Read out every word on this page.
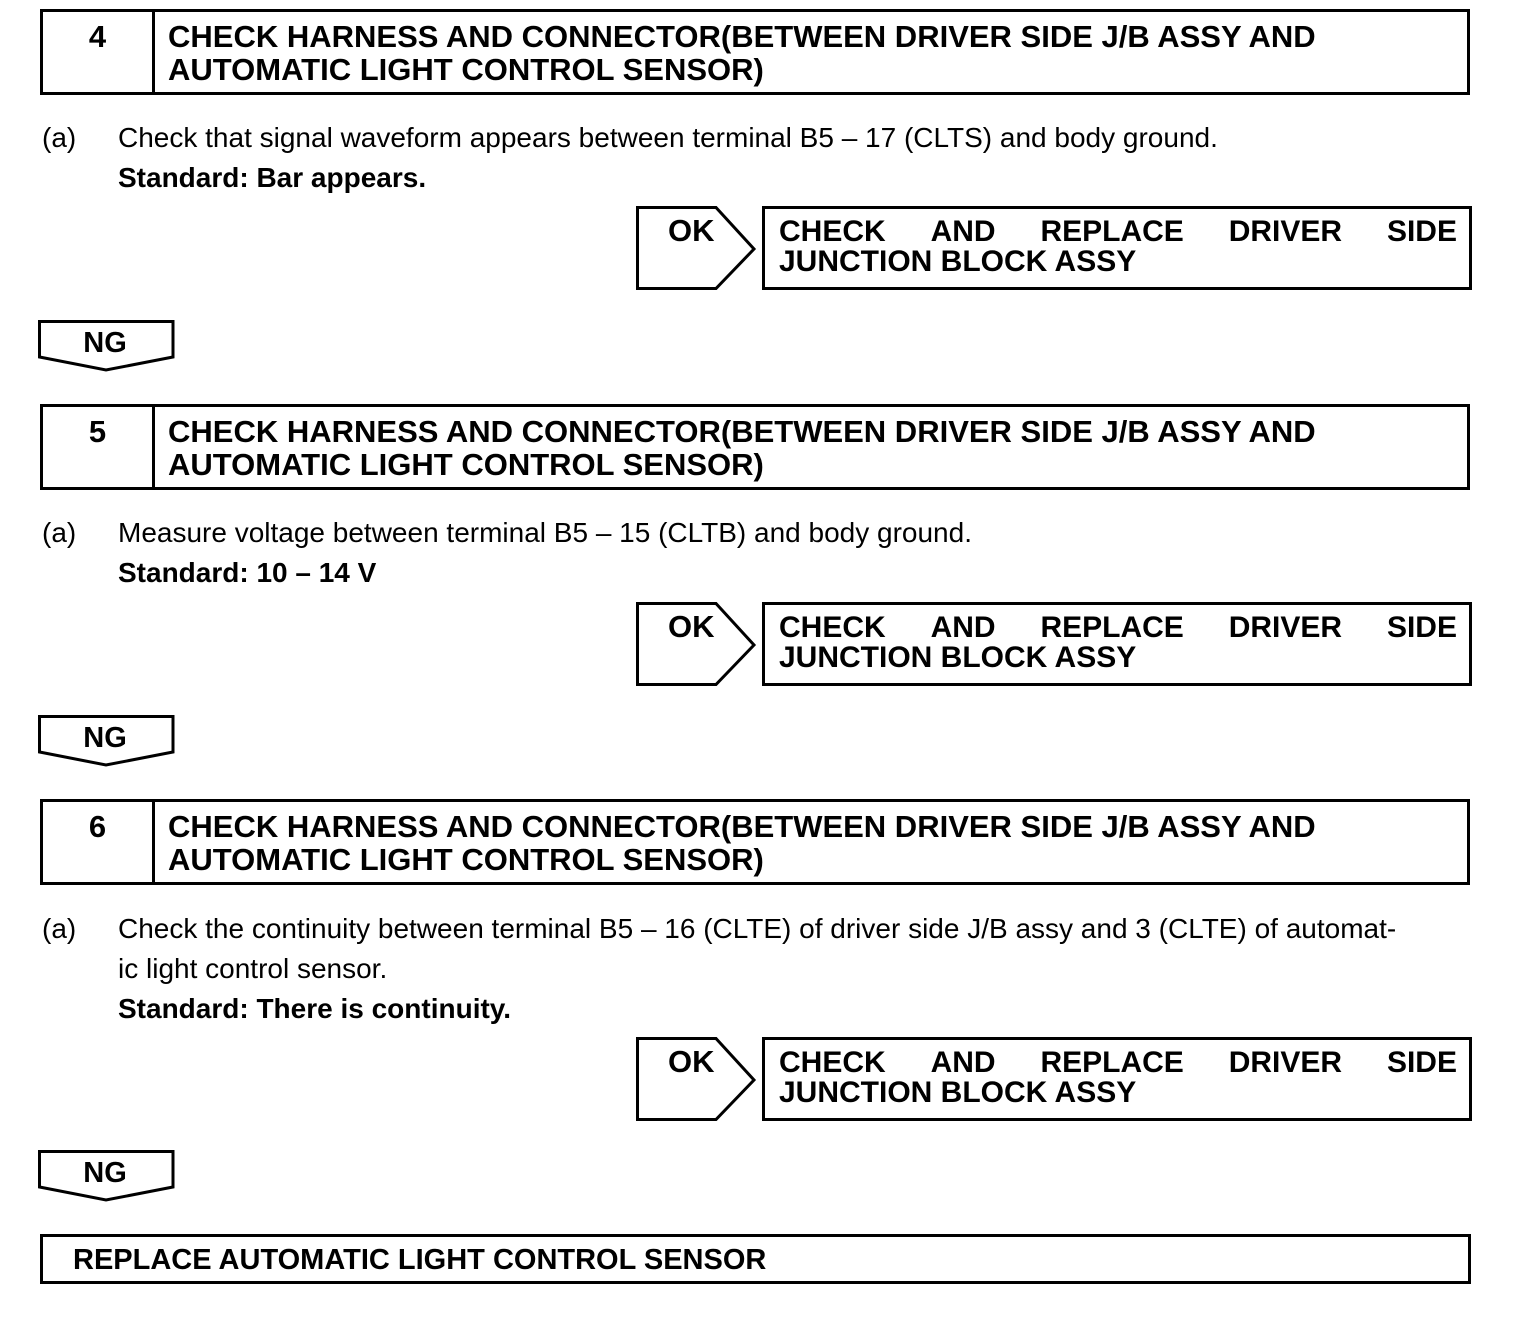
4	CHECK HARNESS AND CONNECTOR(BETWEEN DRIVER SIDE J/B ASSY AND
AUTOMATIC LIGHT CONTROL SENSOR)
(a) Check that signal waveform appears between terminal B5 – 17 (CLTS) and body ground.
Standard: Bar appears.
OK CHECK AND REPLACE DRIVER SIDE
JUNCTION BLOCK ASSY
NG
5	CHECK HARNESS AND CONNECTOR(BETWEEN DRIVER SIDE J/B ASSY AND
AUTOMATIC LIGHT CONTROL SENSOR)
(a) Measure voltage between terminal B5 – 15 (CLTB) and body ground.
Standard: 10 – 14 V
OK CHECK AND REPLACE DRIVER SIDE
JUNCTION BLOCK ASSY
NG
6	CHECK HARNESS AND CONNECTOR(BETWEEN DRIVER SIDE J/B ASSY AND
AUTOMATIC LIGHT CONTROL SENSOR)
(a) Check the continuity between terminal B5 – 16 (CLTE) of driver side J/B assy and 3 (CLTE) of automat-
ic light control sensor.
Standard: There is continuity.
OK CHECK AND REPLACE DRIVER SIDE
JUNCTION BLOCK ASSY
NG
REPLACE AUTOMATIC LIGHT CONTROL SENSOR
